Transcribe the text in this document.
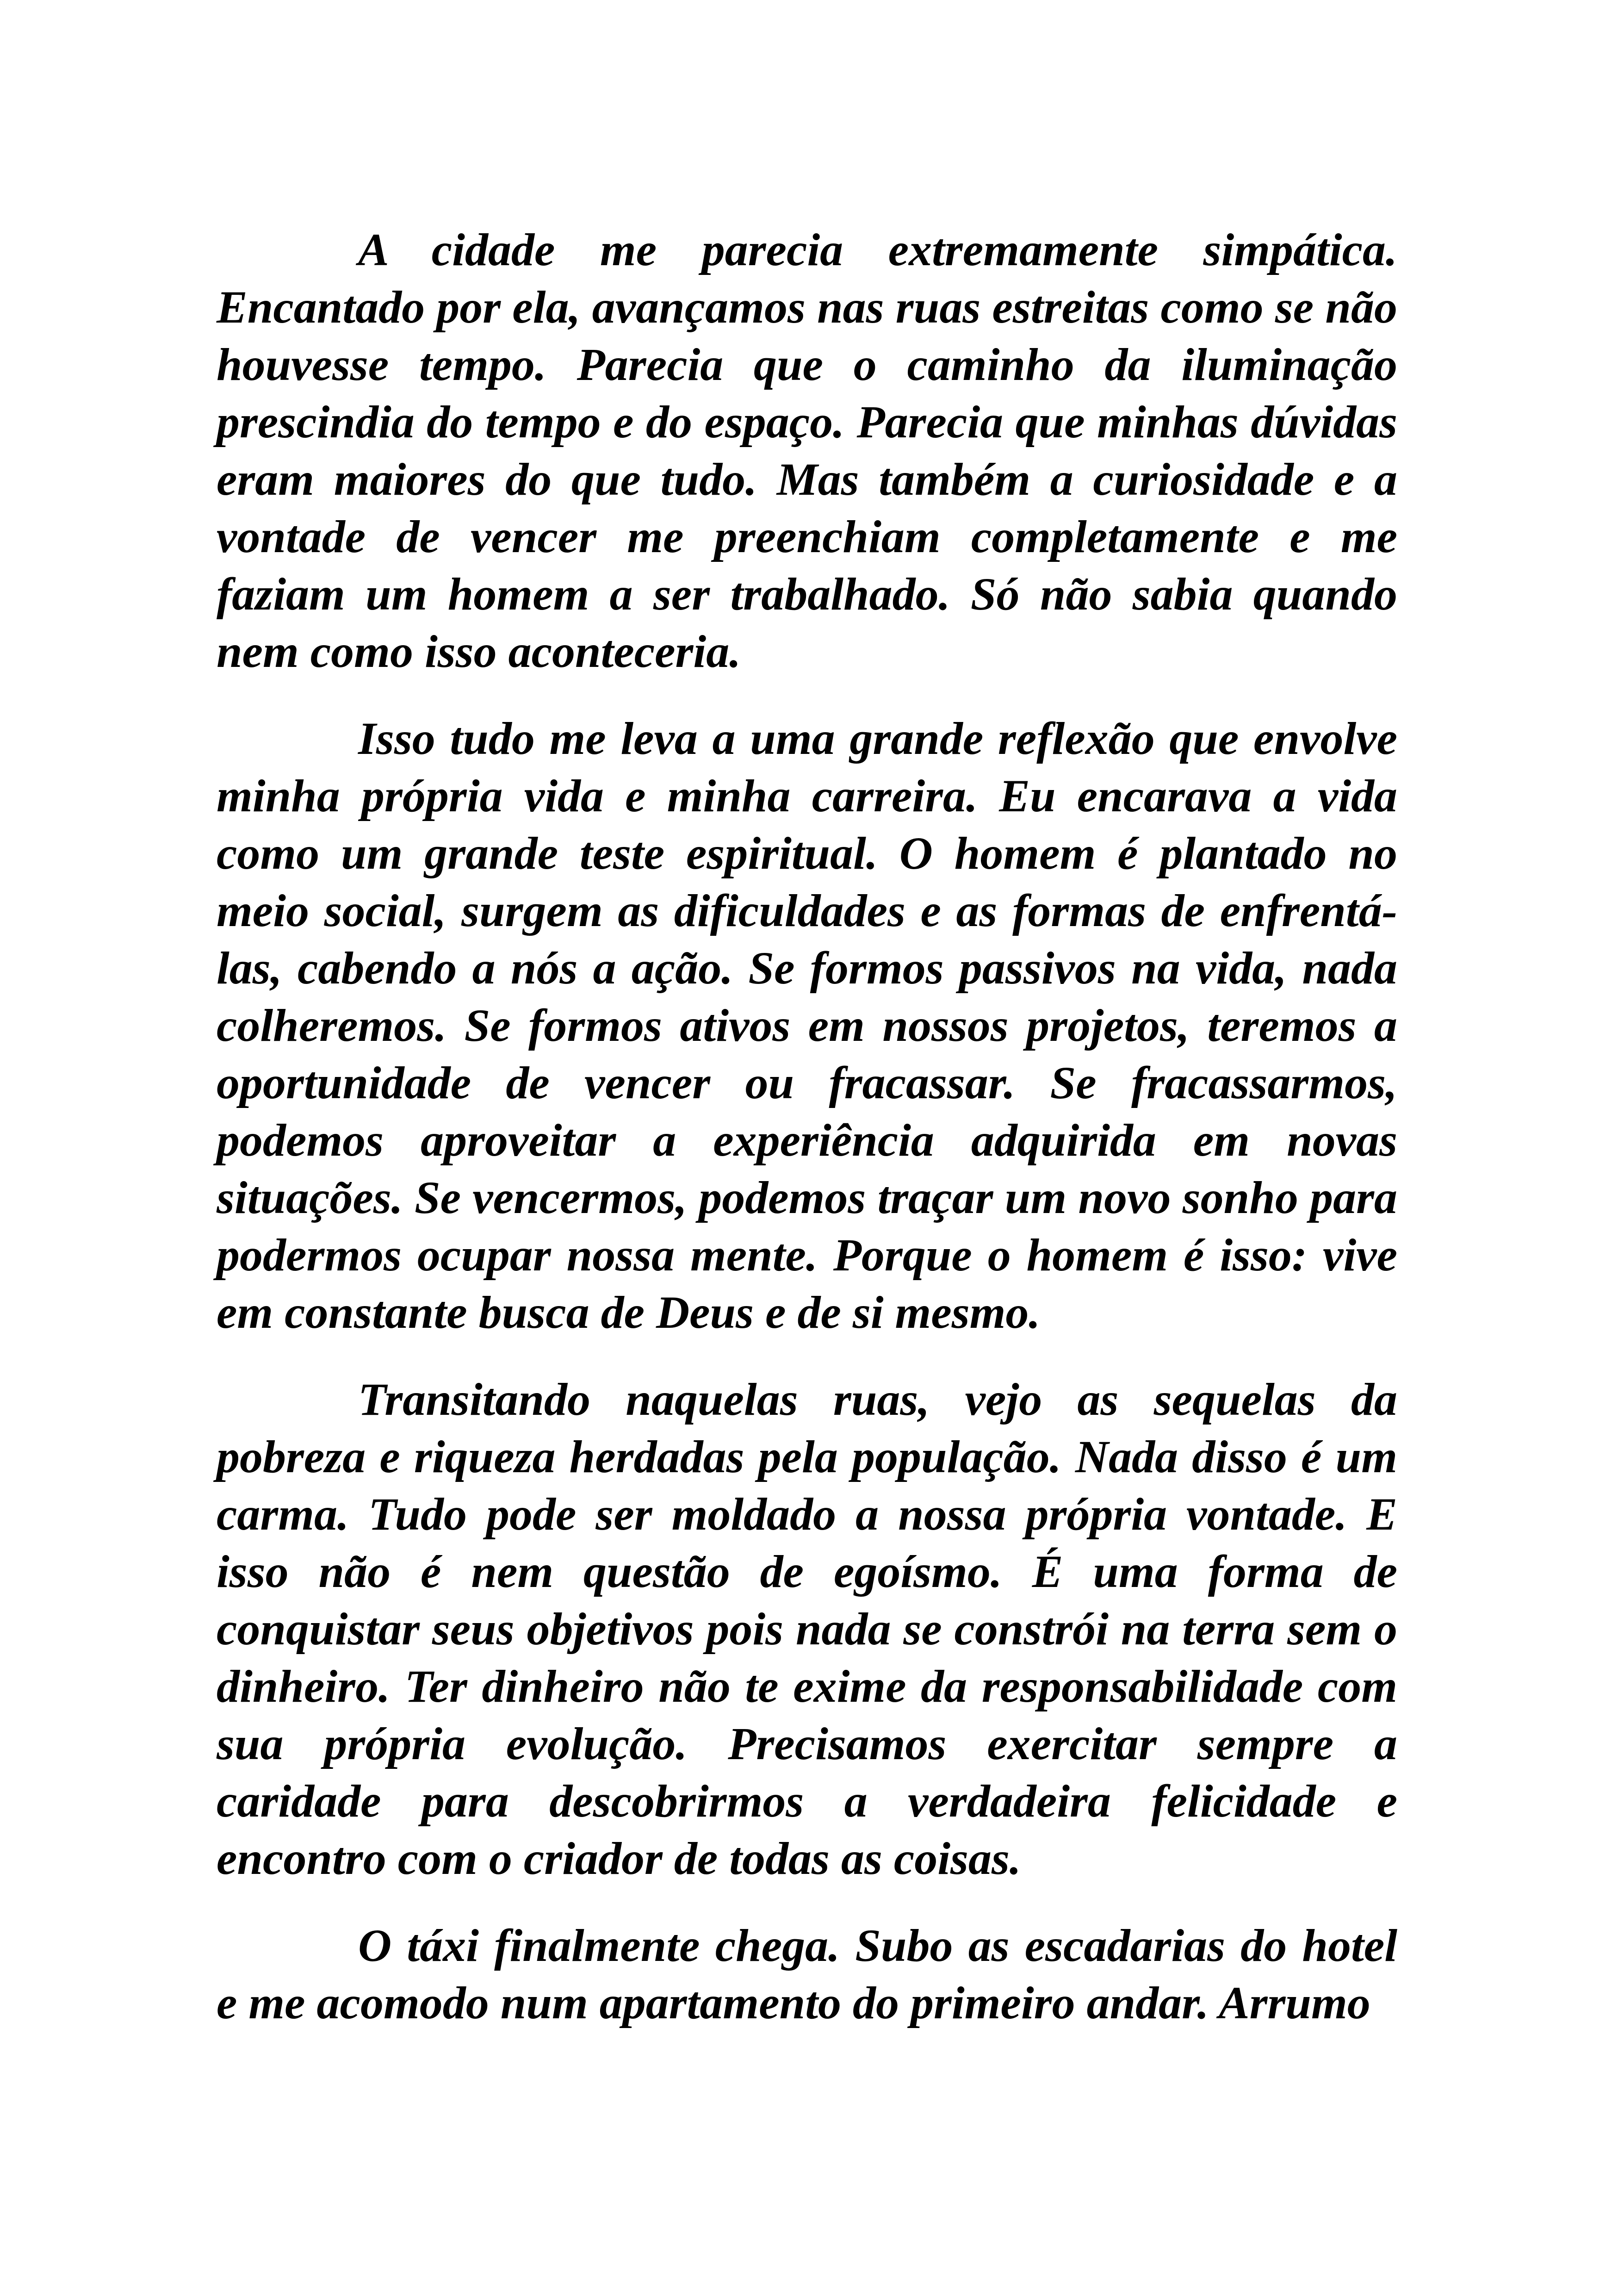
A cidade me parecia extremamente simpática. Encantado por ela, avançamos nas ruas estreitas como se não houvesse tempo. Parecia que o caminho da iluminação prescindia do tempo e do espaço. Parecia que minhas dúvidas eram maiores do que tudo. Mas também a curiosidade e a vontade de vencer me preenchiam completamente e me faziam um homem a ser trabalhado. Só não sabia quando nem como isso aconteceria.

Isso tudo me leva a uma grande reflexão que envolve minha própria vida e minha carreira. Eu encarava a vida como um grande teste espiritual. O homem é plantado no meio social, surgem as dificuldades e as formas de enfrentá-las, cabendo a nós a ação. Se formos passivos na vida, nada colheremos. Se formos ativos em nossos projetos, teremos a oportunidade de vencer ou fracassar. Se fracassarmos, podemos aproveitar a experiência adquirida em novas situações. Se vencermos, podemos traçar um novo sonho para podermos ocupar nossa mente. Porque o homem é isso: vive em constante busca de Deus e de si mesmo.

Transitando naquelas ruas, vejo as sequelas da pobreza e riqueza herdadas pela população. Nada disso é um carma. Tudo pode ser moldado a nossa própria vontade. E isso não é nem questão de egoísmo. É uma forma de conquistar seus objetivos pois nada se constrói na terra sem o dinheiro. Ter dinheiro não te exime da responsabilidade com sua própria evolução. Precisamos exercitar sempre a caridade para descobrirmos a verdadeira felicidade e encontro com o criador de todas as coisas.

O táxi finalmente chega. Subo as escadarias do hotel e me acomodo num apartamento do primeiro andar. Arrumo
